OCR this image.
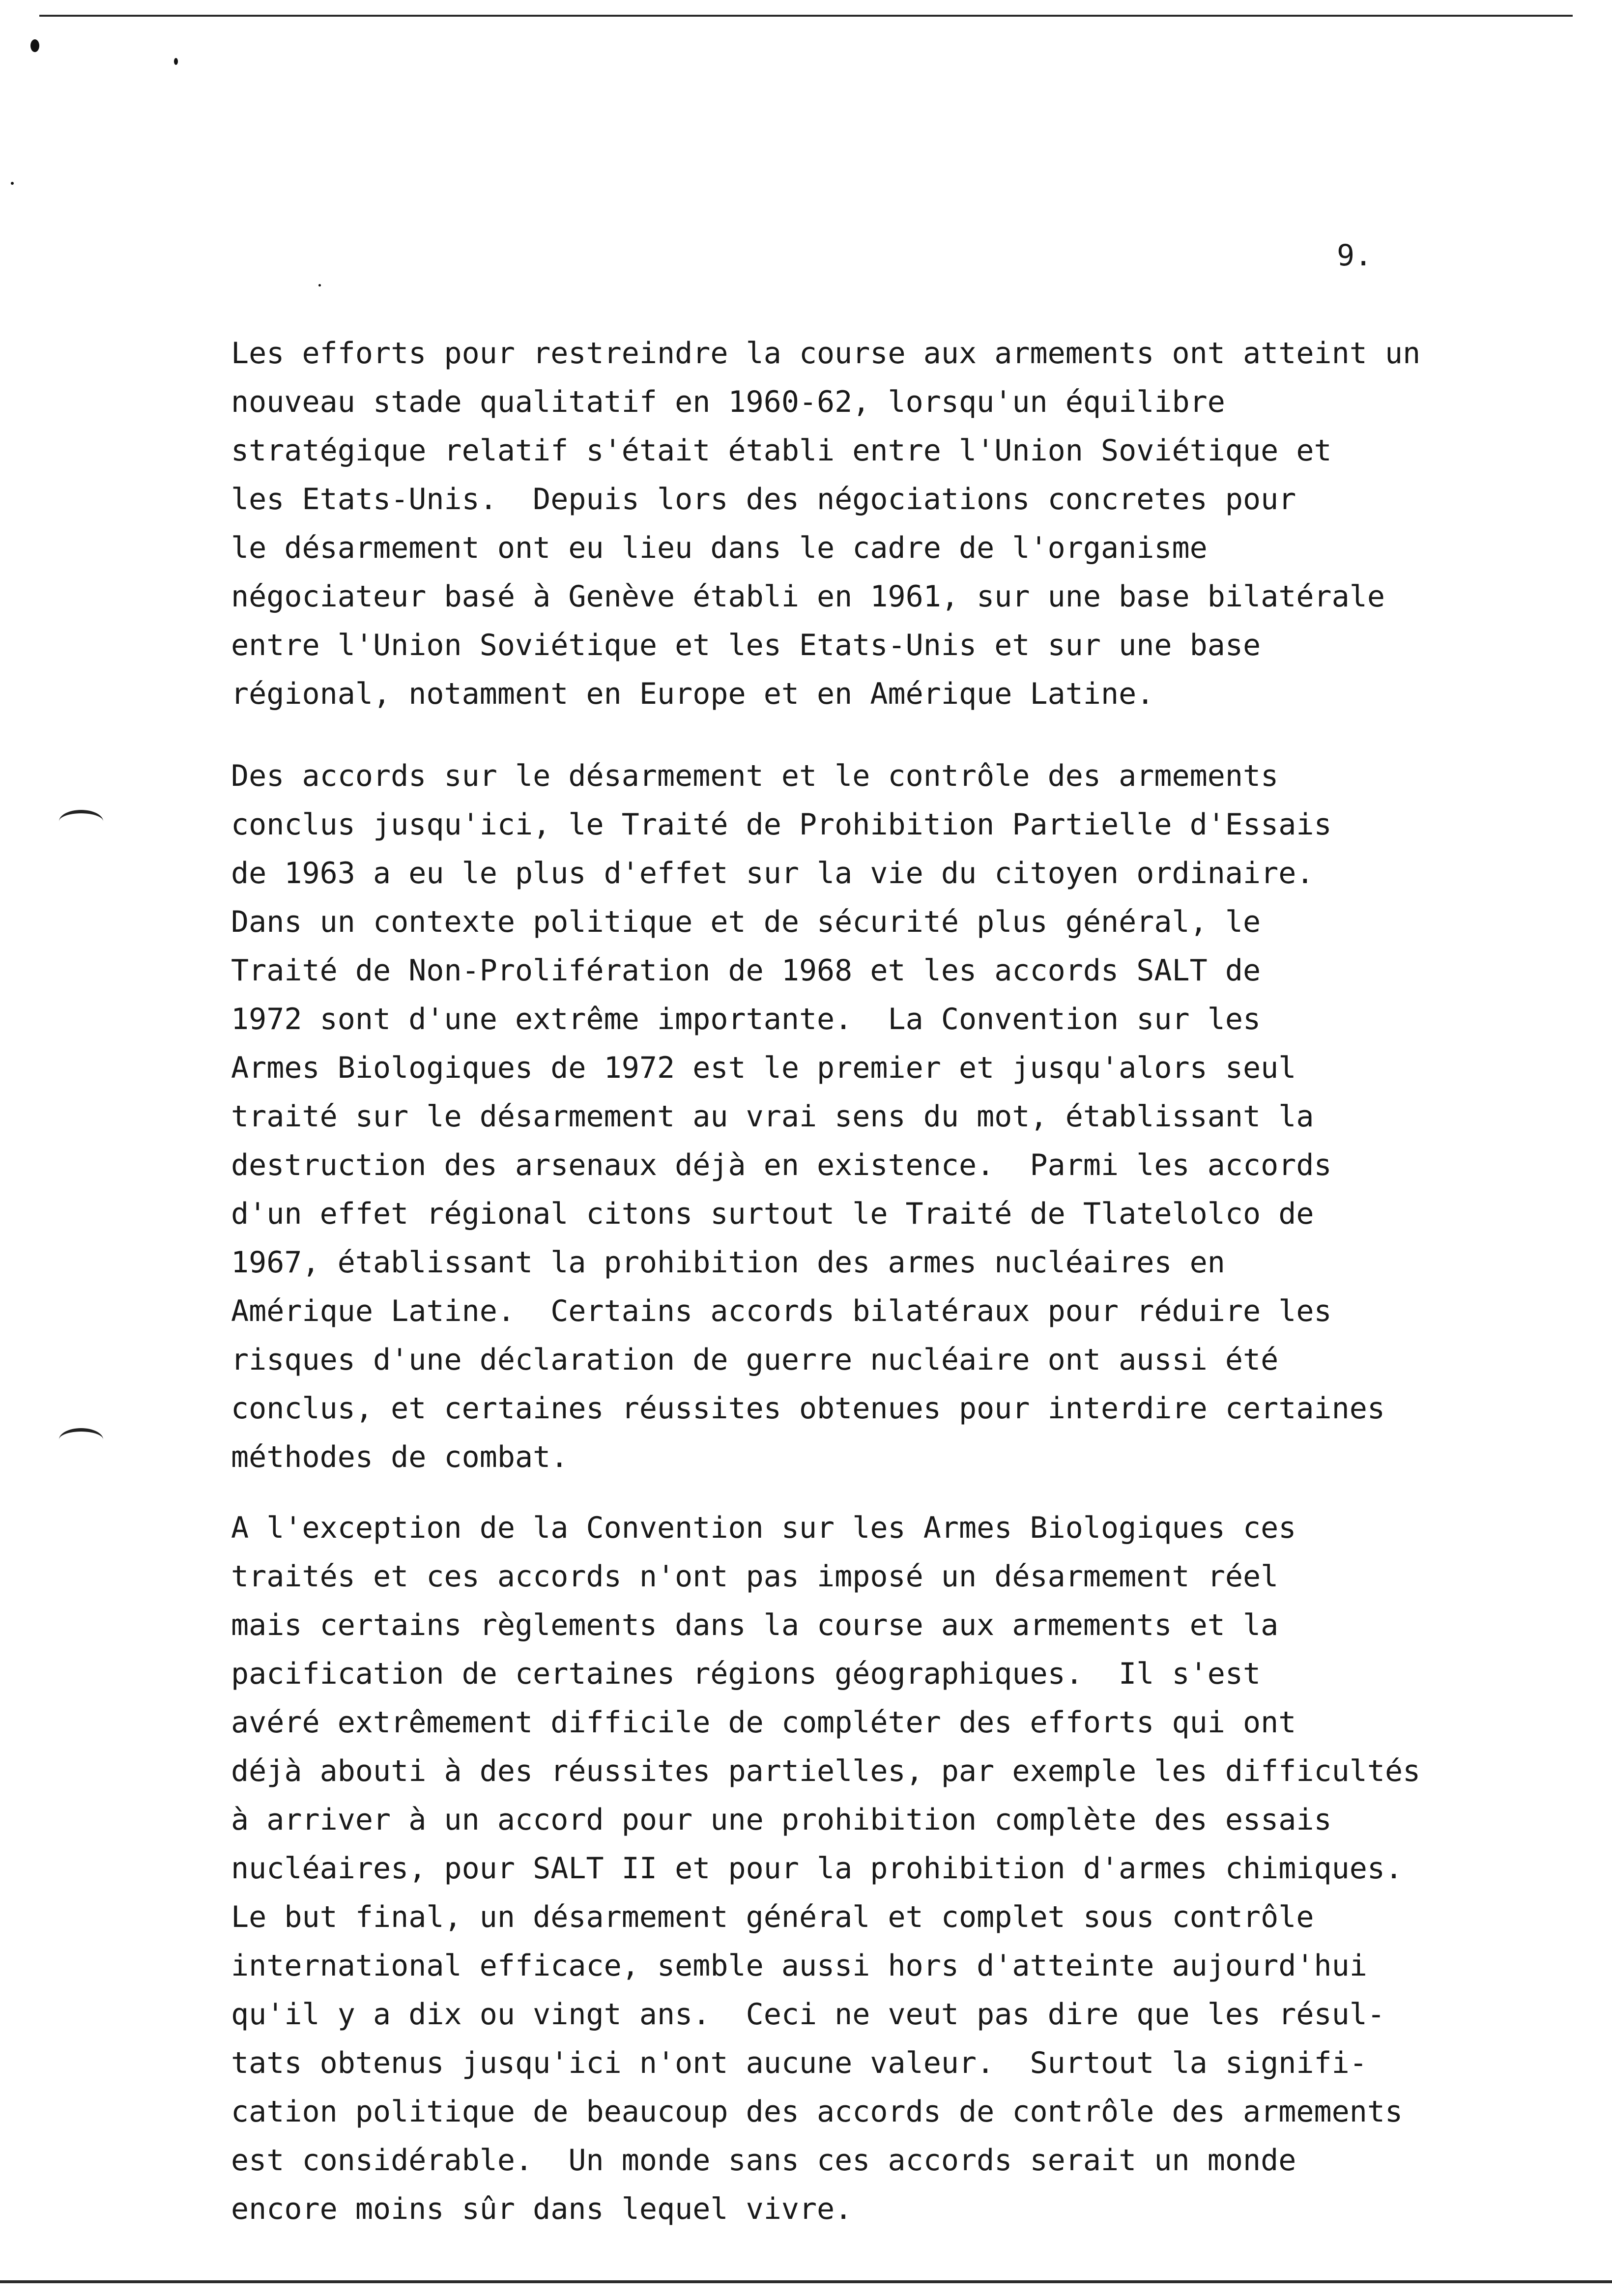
9.
Les efforts pour restreindre la course aux armements ont atteint un
nouveau stade qualitatif en 1960-62, lorsqu'un équilibre
stratégique relatif s'était établi entre l'Union Soviétique et
les Etats-Unis.  Depuis lors des négociations concretes pour
le désarmement ont eu lieu dans le cadre de l'organisme
négociateur basé à Genève établi en 1961, sur une base bilatérale
entre l'Union Soviétique et les Etats-Unis et sur une base
régional, notamment en Europe et en Amérique Latine.
Des accords sur le désarmement et le contrôle des armements
conclus jusqu'ici, le Traité de Prohibition Partielle d'Essais
de 1963 a eu le plus d'effet sur la vie du citoyen ordinaire.
Dans un contexte politique et de sécurité plus général, le
Traité de Non-Prolifération de 1968 et les accords SALT de
1972 sont d'une extrême importante.  La Convention sur les
Armes Biologiques de 1972 est le premier et jusqu'alors seul
traité sur le désarmement au vrai sens du mot, établissant la
destruction des arsenaux déjà en existence.  Parmi les accords
d'un effet régional citons surtout le Traité de Tlatelolco de
1967, établissant la prohibition des armes nucléaires en
Amérique Latine.  Certains accords bilatéraux pour réduire les
risques d'une déclaration de guerre nucléaire ont aussi été
conclus, et certaines réussites obtenues pour interdire certaines
méthodes de combat.
A l'exception de la Convention sur les Armes Biologiques ces
traités et ces accords n'ont pas imposé un désarmement réel
mais certains règlements dans la course aux armements et la
pacification de certaines régions géographiques.  Il s'est
avéré extrêmement difficile de compléter des efforts qui ont
déjà abouti à des réussites partielles, par exemple les difficultés
à arriver à un accord pour une prohibition complète des essais
nucléaires, pour SALT II et pour la prohibition d'armes chimiques.
Le but final, un désarmement général et complet sous contrôle
international efficace, semble aussi hors d'atteinte aujourd'hui
qu'il y a dix ou vingt ans.  Ceci ne veut pas dire que les résul-
tats obtenus jusqu'ici n'ont aucune valeur.  Surtout la signifi-
cation politique de beaucoup des accords de contrôle des armements
est considérable.  Un monde sans ces accords serait un monde
encore moins sûr dans lequel vivre.
